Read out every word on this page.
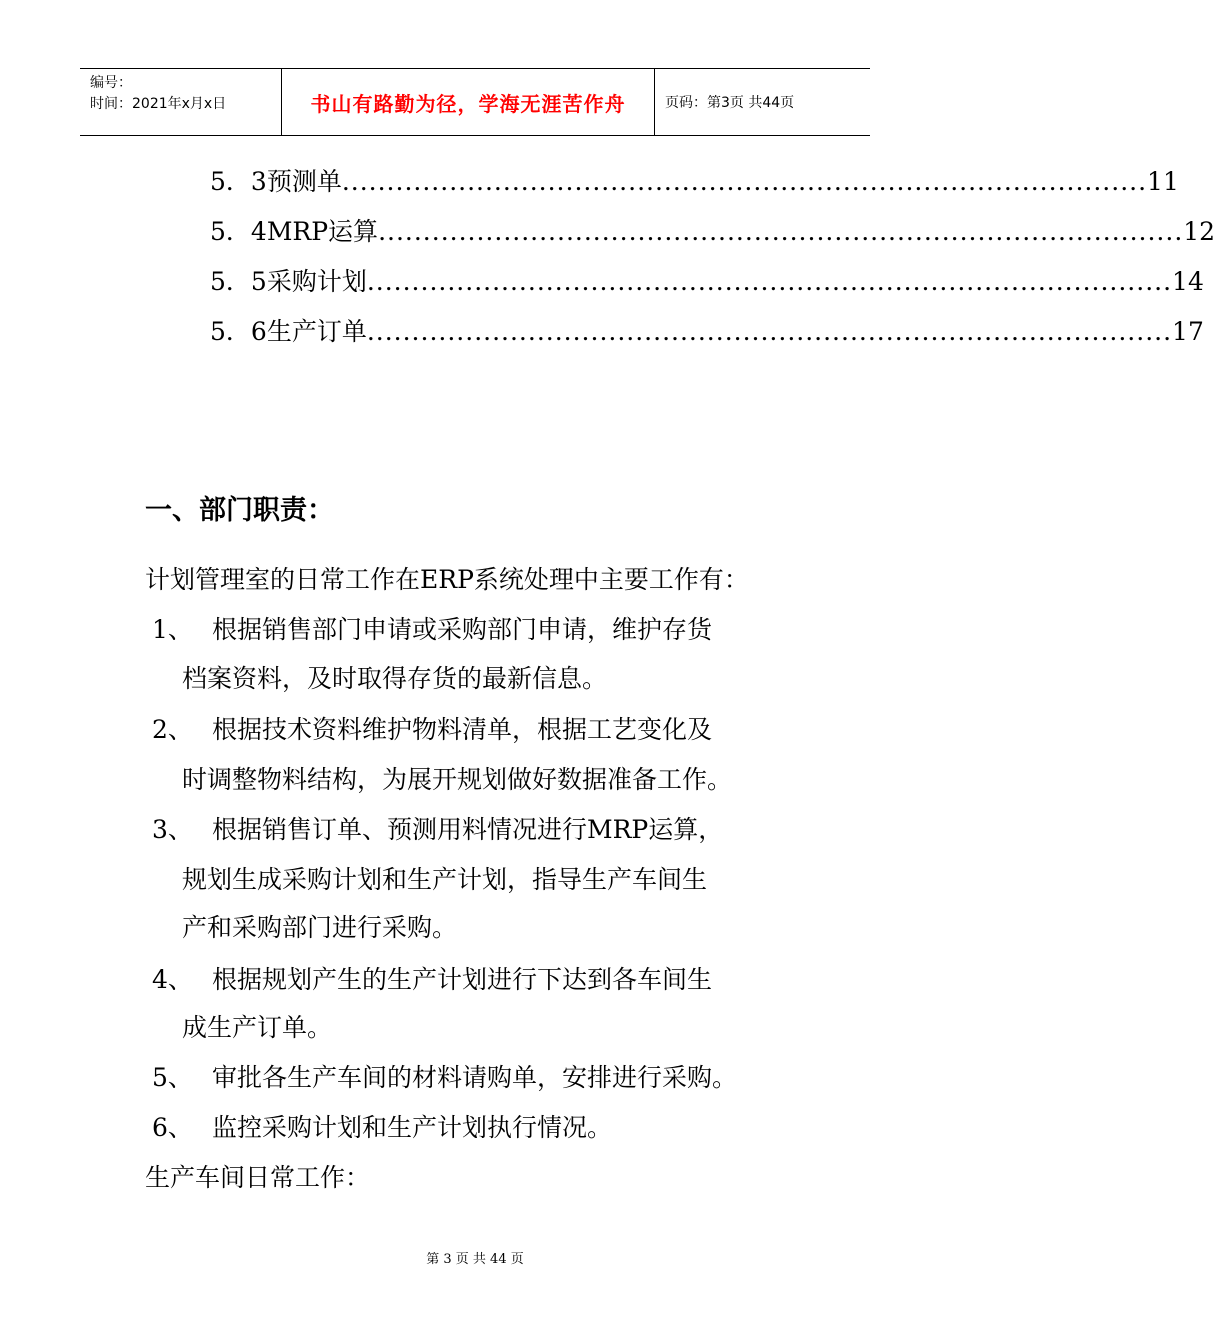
编号：
时间：2021年x月x日	书山有路勤为径，学海无涯苦作舟	页码：第3页 共44页
5．3 预测单 .......................................................................................... 11
5．4 MRP运算 .......................................................................................... 12
5．5 采购计划 .......................................................................................... 14
5．6 生产订单 .......................................................................................... 17
一、部门职责：
计划管理室的日常工作在ERP系统处理中主要工作有：
1、 根据销售部门申请或采购部门申请，维护存货
档案资料，及时取得存货的最新信息。
2、 根据技术资料维护物料清单，根据工艺变化及
时调整物料结构，为展开规划做好数据准备工作。
3、 根据销售订单、预测用料情况进行MRP运算，
规划生成采购计划和生产计划，指导生产车间生
产和采购部门进行采购。
4、 根据规划产生的生产计划进行下达到各车间生
成生产订单。
5、 审批各生产车间的材料请购单，安排进行采购。
6、 监控采购计划和生产计划执行情况。
生产车间日常工作：
第 3 页 共 44 页
